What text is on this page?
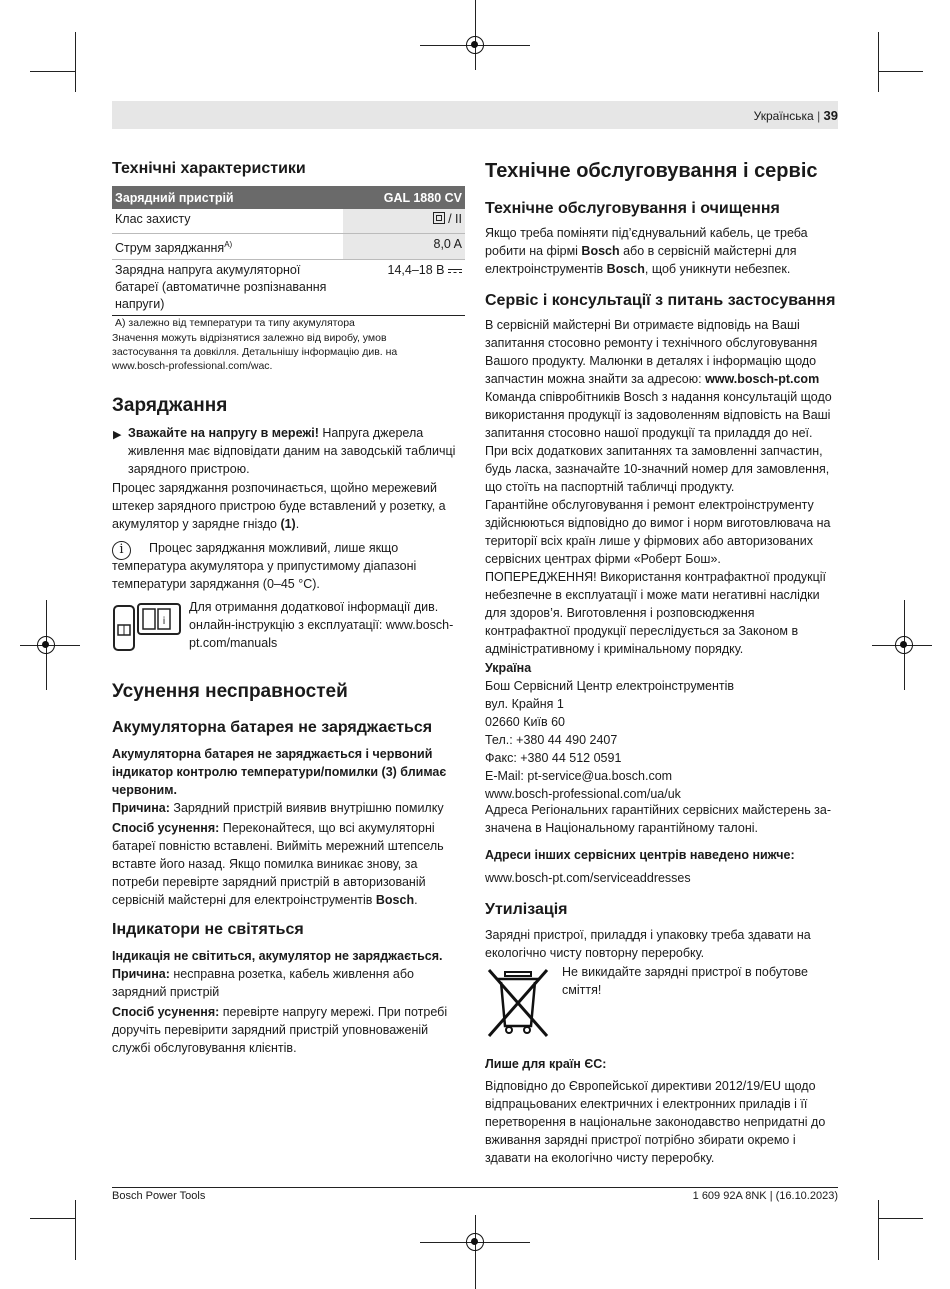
Українська | 39
Технічні характеристики
Зарядний пристрій	GAL 1880 CV
Клас захисту	/ II
Струм заряджання$^{A)}$	8,0 A
Зарядна напруга акумуляторної батареї (автоматичне розпізнавання напруги)	14,4–18 В

A) залежно від температури та типу акумулятора

Значення можуть відрізнятися залежно від виробу, умов застосування та довкілля. Детальнішу інформацію див. на www.bosch-professional.com/wac.

Заряджання
▶ Зважайте на напругу в мережі! Напруга джерела живлення має відповідати даним на заводській табличці зарядного пристрою.

Процес заряджання розпочинається, щойно мережевий штекер зарядного пристрою буде вставлений у розетку, а акумулятор у зарядне гніздо (1).

i	Процес заряджання можливий, лише якщо температура акумулятора у припустимому діапазоні температури заряджання (0–45 °C).

i

Для отримання додаткової інформації див. онлайн-інструкцію з експлуатації: www.bosch-pt.com/manuals

Усунення несправностей
Акумуляторна батарея не заряджається

Акумуляторна батарея не заряджається і червоний індикатор контролю температури/помилки (3) блимає червоним.

Причина: Зарядний пристрій виявив внутрішню помилку

Спосіб усунення: Переконайтеся, що всі акумуляторні батареї повністю вставлені. Вийміть мережний штепсель вставте його назад. Якщо помилка виникає знову, за потреби перевірте зарядний пристрій в авторизованій сервісній майстерні для електроінструментів Bosch.

Індикатори не світяться

Індикація не світиться, акумулятор не заряджається.

Причина: несправна розетка, кабель живлення або зарядний пристрій

Спосіб усунення: перевірте напругу мережі. При потребі доручіть перевірити зарядний пристрій уповноваженій службі обслуговування клієнтів.

Технічне обслуговування і сервіс
Технічне обслуговування і очищення

Якщо треба поміняти під’єднувальний кабель, це треба робити на фірмі Bosch або в сервісній майстерні для електроінструментів Bosch, щоб уникнути небезпек.

Сервіс і консультації з питань застосування

В сервісній майстерні Ви отримаєте відповідь на Ваші запитання стосовно ремонту і технічного обслуговування Вашого продукту. Малюнки в деталях і інформацію щодо запчастин можна знайти за адресою: www.bosch-pt.com Команда співробітників Bosch з надання консультацій щодо використання продукції із задоволенням відповість на Ваші запитання стосовно нашої продукції та приладдя до неї.

При всіх додаткових запитаннях та замовленні запчастин, будь ласка, зазначайте 10-значний номер для замовлення, що стоїть на паспортній табличці продукту.

Гарантійне обслуговування і ремонт електроінструменту здійснюються відповідно до вимог і норм виготовлювача на території всіх країн лише у фірмових або авторизованих сервісних центрах фірми «Роберт Бош». ПОПЕРЕДЖЕННЯ! Використання контрафактної продукції небезпечне в експлуатації і може мати негативні наслідки для здоров’я. Виготовлення і розповсюдження контрафактної продукції переслідується за Законом в адміністративному і кримінальному порядку.

Україна

Бош Сервісний Центр електроінструментів
вул. Крайня 1
02660 Київ 60
Тел.: +380 44 490 2407
Факс: +380 44 512 0591
E-Mail: pt-service@ua.bosch.com
www.bosch-professional.com/ua/uk

Адреса Регіональних гарантійних сервісних майстерень зазначена в Національному гарантійному талоні.

Адреси інших сервісних центрів наведено нижче:

www.bosch-pt.com/serviceaddresses

Утилізація

Зарядні пристрої, приладдя і упаковку треба здавати на екологічно чисту повторну переробку.

Не викидайте зарядні пристрої в побутове сміття!

Лише для країн ЄС:

Відповідно до Європейської директиви 2012/19/EU щодо відпрацьованих електричних і електронних приладів і її перетворення в національне законодавство непридатні до вживання зарядні пристрої потрібно збирати окремо і здавати на екологічно чисту переробку.

Bosch Power Tools	1 609 92A 8NK | (16.10.2023)
